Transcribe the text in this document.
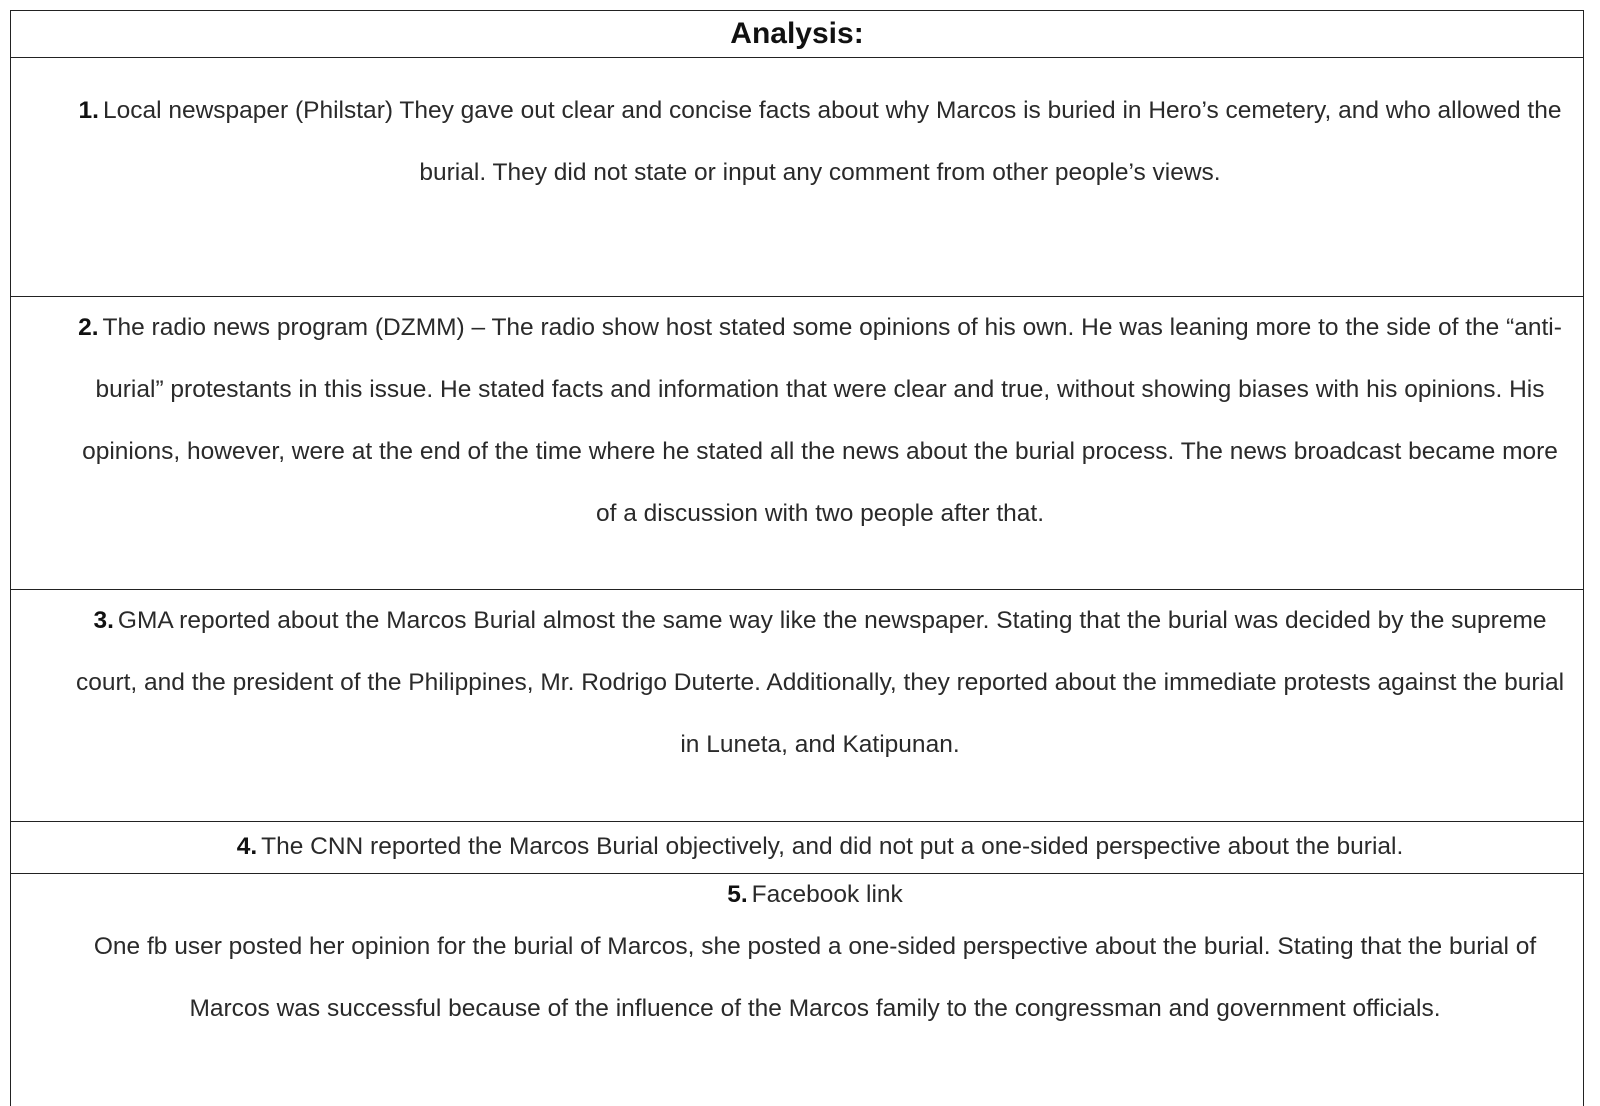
Analysis:

1. Local newspaper (Philstar) They gave out clear and concise facts about why Marcos is buried in Hero’s cemetery, and who allowed the burial. They did not state or input any comment from other people’s views.

2. The radio news program (DZMM) – The radio show host stated some opinions of his own. He was leaning more to the side of the “anti-burial” protestants in this issue. He stated facts and information that were clear and true, without showing biases with his opinions. His opinions, however, were at the end of the time where he stated all the news about the burial process. The news broadcast became more of a discussion with two people after that.

3. GMA reported about the Marcos Burial almost the same way like the newspaper. Stating that the burial was decided by the supreme court, and the president of the Philippines, Mr. Rodrigo Duterte. Additionally, they reported about the immediate protests against the burial in Luneta, and Katipunan.

4. The CNN reported the Marcos Burial objectively, and did not put a one-sided perspective about the burial.

5. Facebook link

One fb user posted her opinion for the burial of Marcos, she posted a one-sided perspective about the burial. Stating that the burial of Marcos was successful because of the influence of the Marcos family to the congressman and government officials.
